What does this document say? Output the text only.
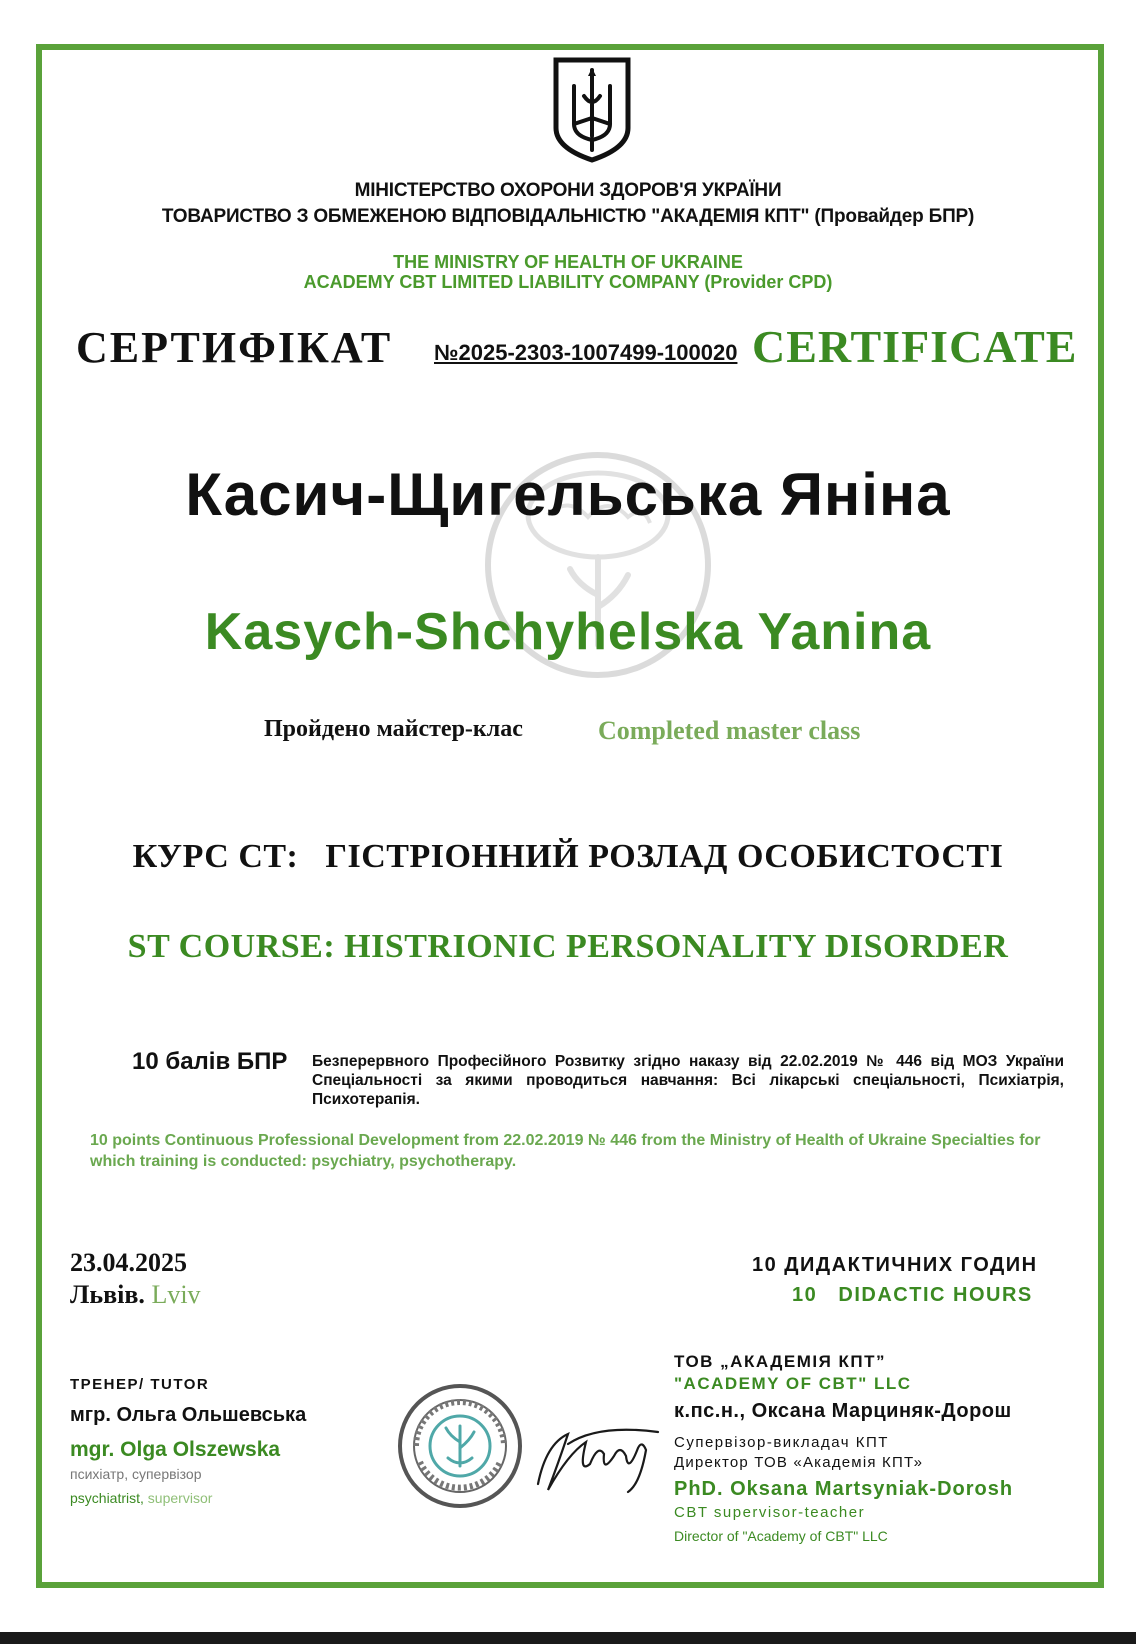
МІНІСТЕРСТВО ОХОРОНИ ЗДОРОВ'Я УКРАЇНИ
ТОВАРИСТВО З ОБМЕЖЕНОЮ ВІДПОВІДАЛЬНІСТЮ "АКАДЕМІЯ КПТ" (Провайдер БПР)
THE MINISTRY OF HEALTH OF UKRAINE
ACADEMY CBT LIMITED LIABILITY COMPANY (Provider CPD)
СЕРТИФІКАТ №2025-2303-1007499-100020 CERTIFICATE
Касич-Щигельська Яніна
Kasych-Shchyhelska Yanina
Пройдено майстер-клас	Completed master class
КУРС СТ:   ГІСТРІОННИЙ РОЗЛАД ОСОБИСТОСТІ
ST COURSE: HISTRIONIC PERSONALITY DISORDER
10 балів БПР Безперервного Професійного Розвитку згідно наказу від 22.02.2019 № 446 від МОЗ України Спеціальності за якими проводиться навчання: Всі лікарські спеціальності, Психіатрія, Психотерапія.
10 points Continuous Professional Development from 22.02.2019 № 446 from the Ministry of Health of Ukraine Specialties for which training is conducted: psychiatry, psychotherapy.
23.04.2025
Львів. Lviv
10 ДИДАКТИЧНИХ ГОДИН
10   DIDACTIC HOURS
ТРЕНЕР/ TUTOR
мгр. Ольга Ольшевська
mgr. Olga Olszewska
психіатр, супервізор
psychiatrist, supervisor
ТОВ „АКАДЕМІЯ КПТ”
"ACADEMY OF CBT" LLC
к.пс.н., Оксана Марциняк-Дорош
Супервізор-викладач КПТ
Директор ТОВ «Академія КПТ»
PhD. Oksana Martsyniak-Dorosh
CBT supervisor-teacher
Director of "Academy of CBT" LLC
